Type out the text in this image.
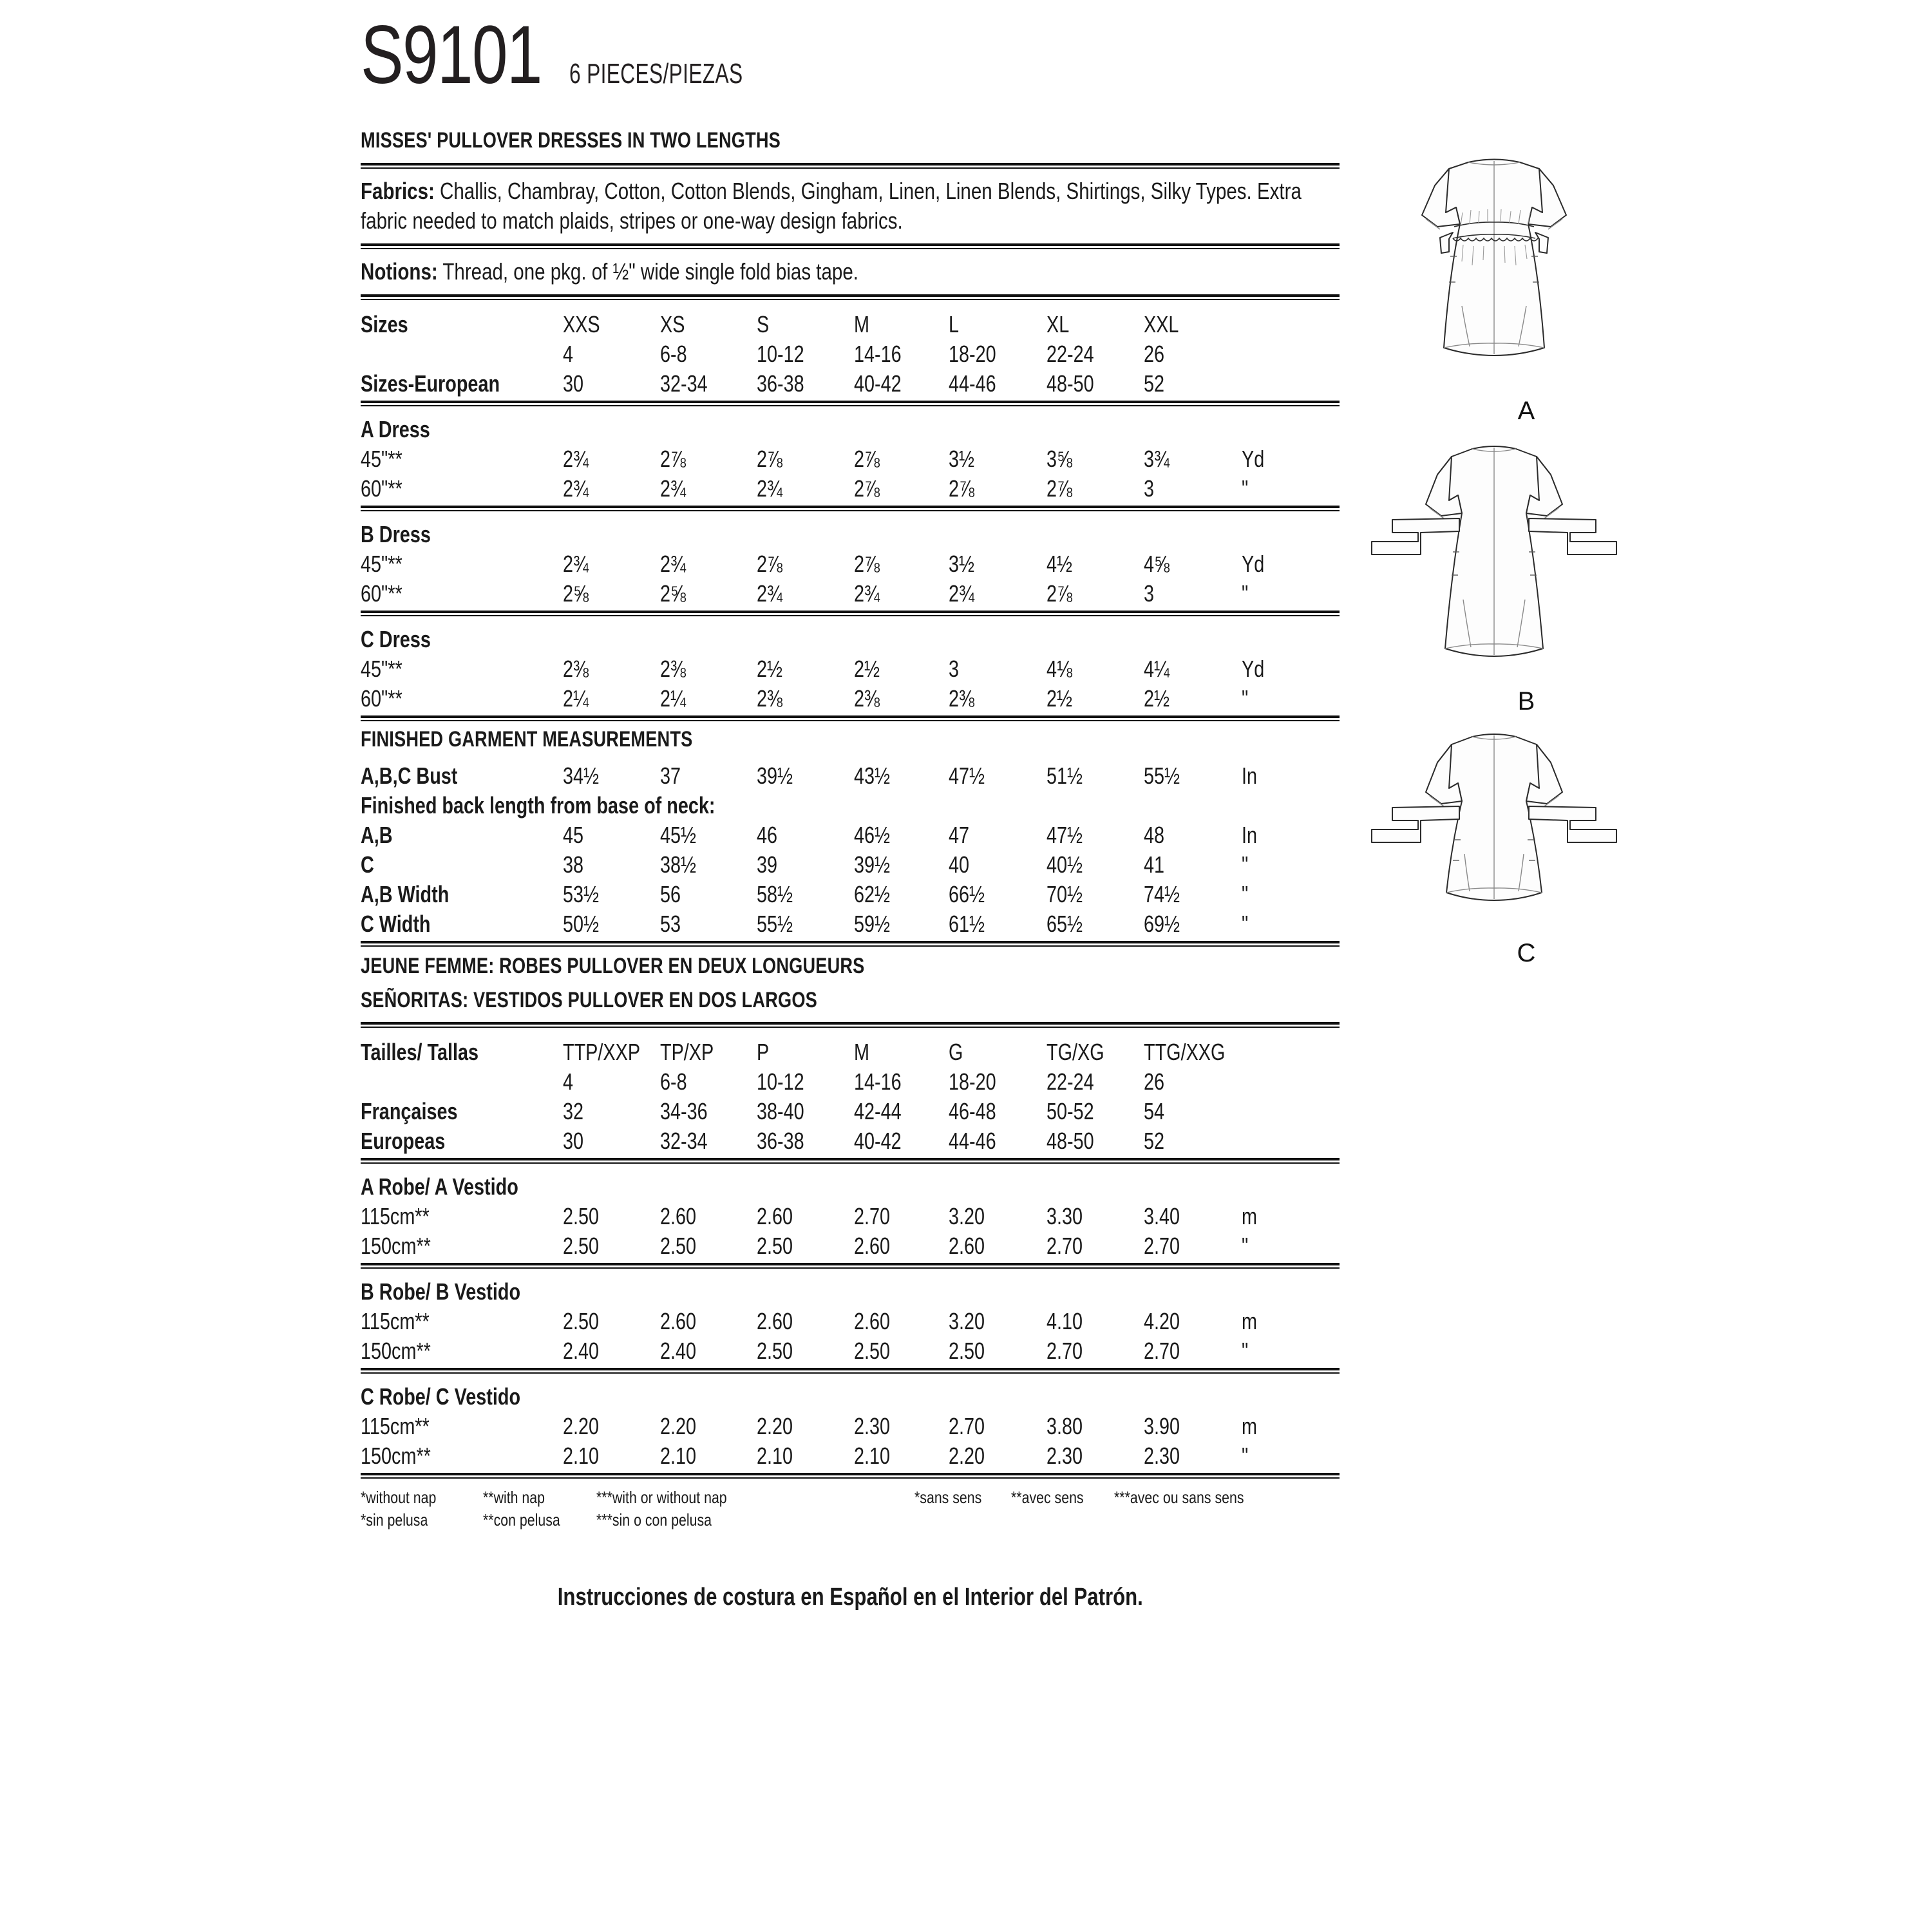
S9101 6 PIECES/PIEZAS
MISSES' PULLOVER DRESSES IN TWO LENGTHS
Fabrics: Challis, Chambray, Cotton, Cotton Blends, Gingham, Linen, Linen Blends, Shirtings, Silky Types. Extra fabric needed to match plaids, stripes or one-way design fabrics.
Notions: Thread, one pkg. of ½" wide single fold bias tape.
Sizes	XXS	XS	S	M	L	XL	XXL	
	4	6-8	10-12	14-16	18-20	22-24	26	
Sizes-European	30	32-34	36-38	40-42	44-46	48-50	52	
A Dress								
45"**	2¾	2⅞	2⅞	2⅞	3½	3⅝	3¾	Yd
60"**	2¾	2¾	2¾	2⅞	2⅞	2⅞	3	"
B Dress								
45"**	2¾	2¾	2⅞	2⅞	3½	4½	4⅝	Yd
60"**	2⅝	2⅝	2¾	2¾	2¾	2⅞	3	"
C Dress								
45"**	2⅜	2⅜	2½	2½	3	4⅛	4¼	Yd
60"**	2¼	2¼	2⅜	2⅜	2⅜	2½	2½	"
FINISHED GARMENT MEASUREMENTS
A,B,C Bust	34½	37	39½	43½	47½	51½	55½	In
Finished back length from base of neck:								
A,B	45	45½	46	46½	47	47½	48	In
C	38	38½	39	39½	40	40½	41	"
A,B Width	53½	56	58½	62½	66½	70½	74½	"
C Width	50½	53	55½	59½	61½	65½	69½	"
JEUNE FEMME: ROBES PULLOVER EN DEUX LONGUEURS
SEÑORITAS: VESTIDOS PULLOVER EN DOS LARGOS
Tailles/ Tallas	TTP/XXP	TP/XP	P	M	G	TG/XG	TTG/XXG	
	4	6-8	10-12	14-16	18-20	22-24	26	
Françaises	32	34-36	38-40	42-44	46-48	50-52	54	
Europeas	30	32-34	36-38	40-42	44-46	48-50	52	
A Robe/ A Vestido								
115cm**	2.50	2.60	2.60	2.70	3.20	3.30	3.40	m
150cm**	2.50	2.50	2.50	2.60	2.60	2.70	2.70	"
B Robe/ B Vestido								
115cm**	2.50	2.60	2.60	2.60	3.20	4.10	4.20	m
150cm**	2.40	2.40	2.50	2.50	2.50	2.70	2.70	"
C Robe/ C Vestido								
115cm**	2.20	2.20	2.20	2.30	2.70	3.80	3.90	m
150cm**	2.10	2.10	2.10	2.10	2.20	2.30	2.30	"
*without nap	**with nap	***with or without nap	*sans sens **avec sens ***avec ou sans sens
*sin pelusa	**con pelusa ***sin o con pelusa
Instrucciones de costura en Español en el Interior del Patrón.
A
B
C
